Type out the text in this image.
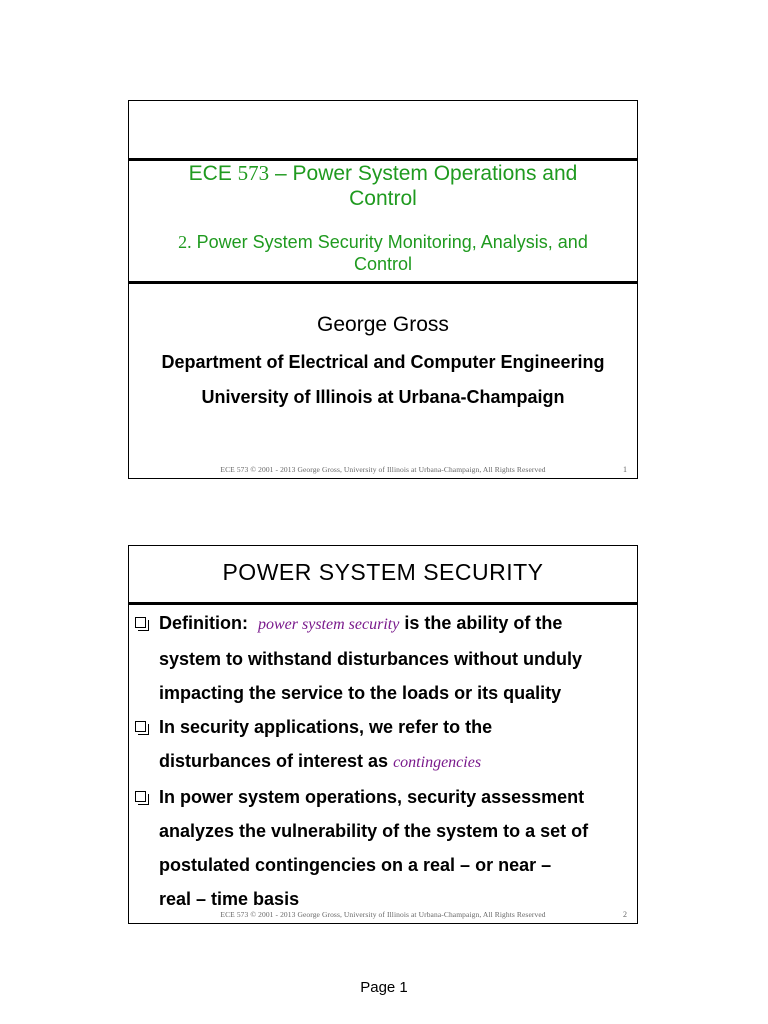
ECE 573 – Power System Operations and
Control
2. Power System Security Monitoring, Analysis, and
Control
George Gross
Department of Electrical and Computer Engineering
University of Illinois at Urbana-Champaign
ECE 573 © 2001 - 2013 George Gross, University of Illinois at Urbana-Champaign, All Rights Reserved	1
POWER SYSTEM SECURITY
Definition: power system security is the ability of the
system to withstand disturbances without unduly
impacting the service to the loads or its quality
In security applications, we refer to the
disturbances of interest as contingencies
In power system operations, security assessment
analyzes the vulnerability of the system to a set of
postulated contingencies on a real – or near –
real – time basis
ECE 573 © 2001 - 2013 George Gross, University of Illinois at Urbana-Champaign, All Rights Reserved	2
Page 1
